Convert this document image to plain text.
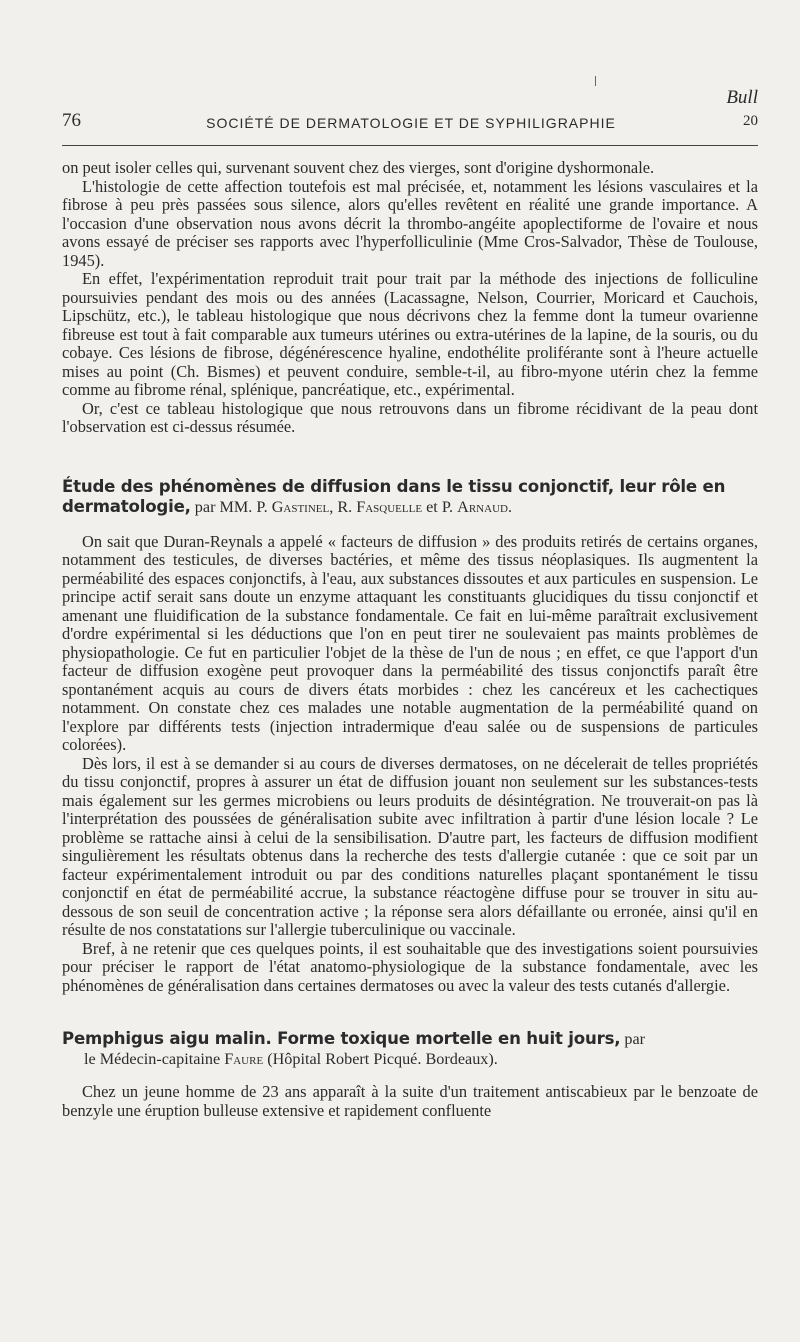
Bull
76	SOCIÉTÉ DE DERMATOLOGIE ET DE SYPHILIGRAPHIE	20

on peut isoler celles qui, survenant souvent chez des vierges, sont d'origine dyshormonale.

L'histologie de cette affection toutefois est mal précisée, et, notamment les lésions vasculaires et la fibrose à peu près passées sous silence, alors qu'elles revêtent en réalité une grande importance. A l'occasion d'une observation nous avons décrit la thrombo-angéite apoplectiforme de l'ovaire et nous avons essayé de préciser ses rapports avec l'hyperfolliculinie (Mme Cros-Salvador, Thèse de Toulouse, 1945).

En effet, l'expérimentation reproduit trait pour trait par la méthode des injections de folliculine poursuivies pendant des mois ou des années (Lacassagne, Nelson, Courrier, Moricard et Cauchois, Lipschütz, etc.), le tableau histologique que nous décrivons chez la femme dont la tumeur ovarienne fibreuse est tout à fait comparable aux tumeurs utérines ou extra-utérines de la lapine, de la souris, ou du cobaye. Ces lésions de fibrose, dégénérescence hyaline, endothélite proliférante sont à l'heure actuelle mises au point (Ch. Bismes) et peuvent conduire, semble-t-il, au fibro-myone utérin chez la femme comme au fibrome rénal, splénique, pancréatique, etc., expérimental.

Or, c'est ce tableau histologique que nous retrouvons dans un fibrome récidivant de la peau dont l'observation est ci-dessus résumée.

Étude des phénomènes de diffusion dans le tissu conjonctif, leur rôle en dermatologie, par MM. P. Gastinel, R. Fasquelle et P. Arnaud.

On sait que Duran-Reynals a appelé « facteurs de diffusion » des produits retirés de certains organes, notamment des testicules, de diverses bactéries, et même des tissus néoplasiques. Ils augmentent la perméabilité des espaces conjonctifs, à l'eau, aux substances dissoutes et aux particules en suspension. Le principe actif serait sans doute un enzyme attaquant les constituants glucidiques du tissu conjonctif et amenant une fluidification de la substance fondamentale. Ce fait en lui-même paraîtrait exclusivement d'ordre expérimental si les déductions que l'on en peut tirer ne soulevaient pas maints problèmes de physiopathologie. Ce fut en particulier l'objet de la thèse de l'un de nous ; en effet, ce que l'apport d'un facteur de diffusion exogène peut provoquer dans la perméabilité des tissus conjonctifs paraît être spontanément acquis au cours de divers états morbides : chez les cancéreux et les cachectiques notamment. On constate chez ces malades une notable augmentation de la perméabilité quand on l'explore par différents tests (injection intradermique d'eau salée ou de suspensions de particules colorées).

Dès lors, il est à se demander si au cours de diverses dermatoses, on ne décelerait de telles propriétés du tissu conjonctif, propres à assurer un état de diffusion jouant non seulement sur les substances-tests mais également sur les germes microbiens ou leurs produits de désintégration. Ne trouverait-on pas là l'interprétation des poussées de généralisation subite avec infiltration à partir d'une lésion locale ? Le problème se rattache ainsi à celui de la sensibilisation. D'autre part, les facteurs de diffusion modifient singulièrement les résultats obtenus dans la recherche des tests d'allergie cutanée : que ce soit par un facteur expérimentalement introduit ou par des conditions naturelles plaçant spontanément le tissu conjonctif en état de perméabilité accrue, la substance réactogène diffuse pour se trouver in situ au-dessous de son seuil de concentration active ; la réponse sera alors défaillante ou erronée, ainsi qu'il en résulte de nos constatations sur l'allergie tuberculinique ou vaccinale.

Bref, à ne retenir que ces quelques points, il est souhaitable que des investigations soient poursuivies pour préciser le rapport de l'état anatomo-physiologique de la substance fondamentale, avec les phénomènes de généralisation dans certaines dermatoses ou avec la valeur des tests cutanés d'allergie.

Pemphigus aigu malin. Forme toxique mortelle en huit jours, par
le Médecin-capitaine Faure (Hôpital Robert Picqué. Bordeaux).

Chez un jeune homme de 23 ans apparaît à la suite d'un traitement antiscabieux par le benzoate de benzyle une éruption bulleuse extensive et rapidement confluente
